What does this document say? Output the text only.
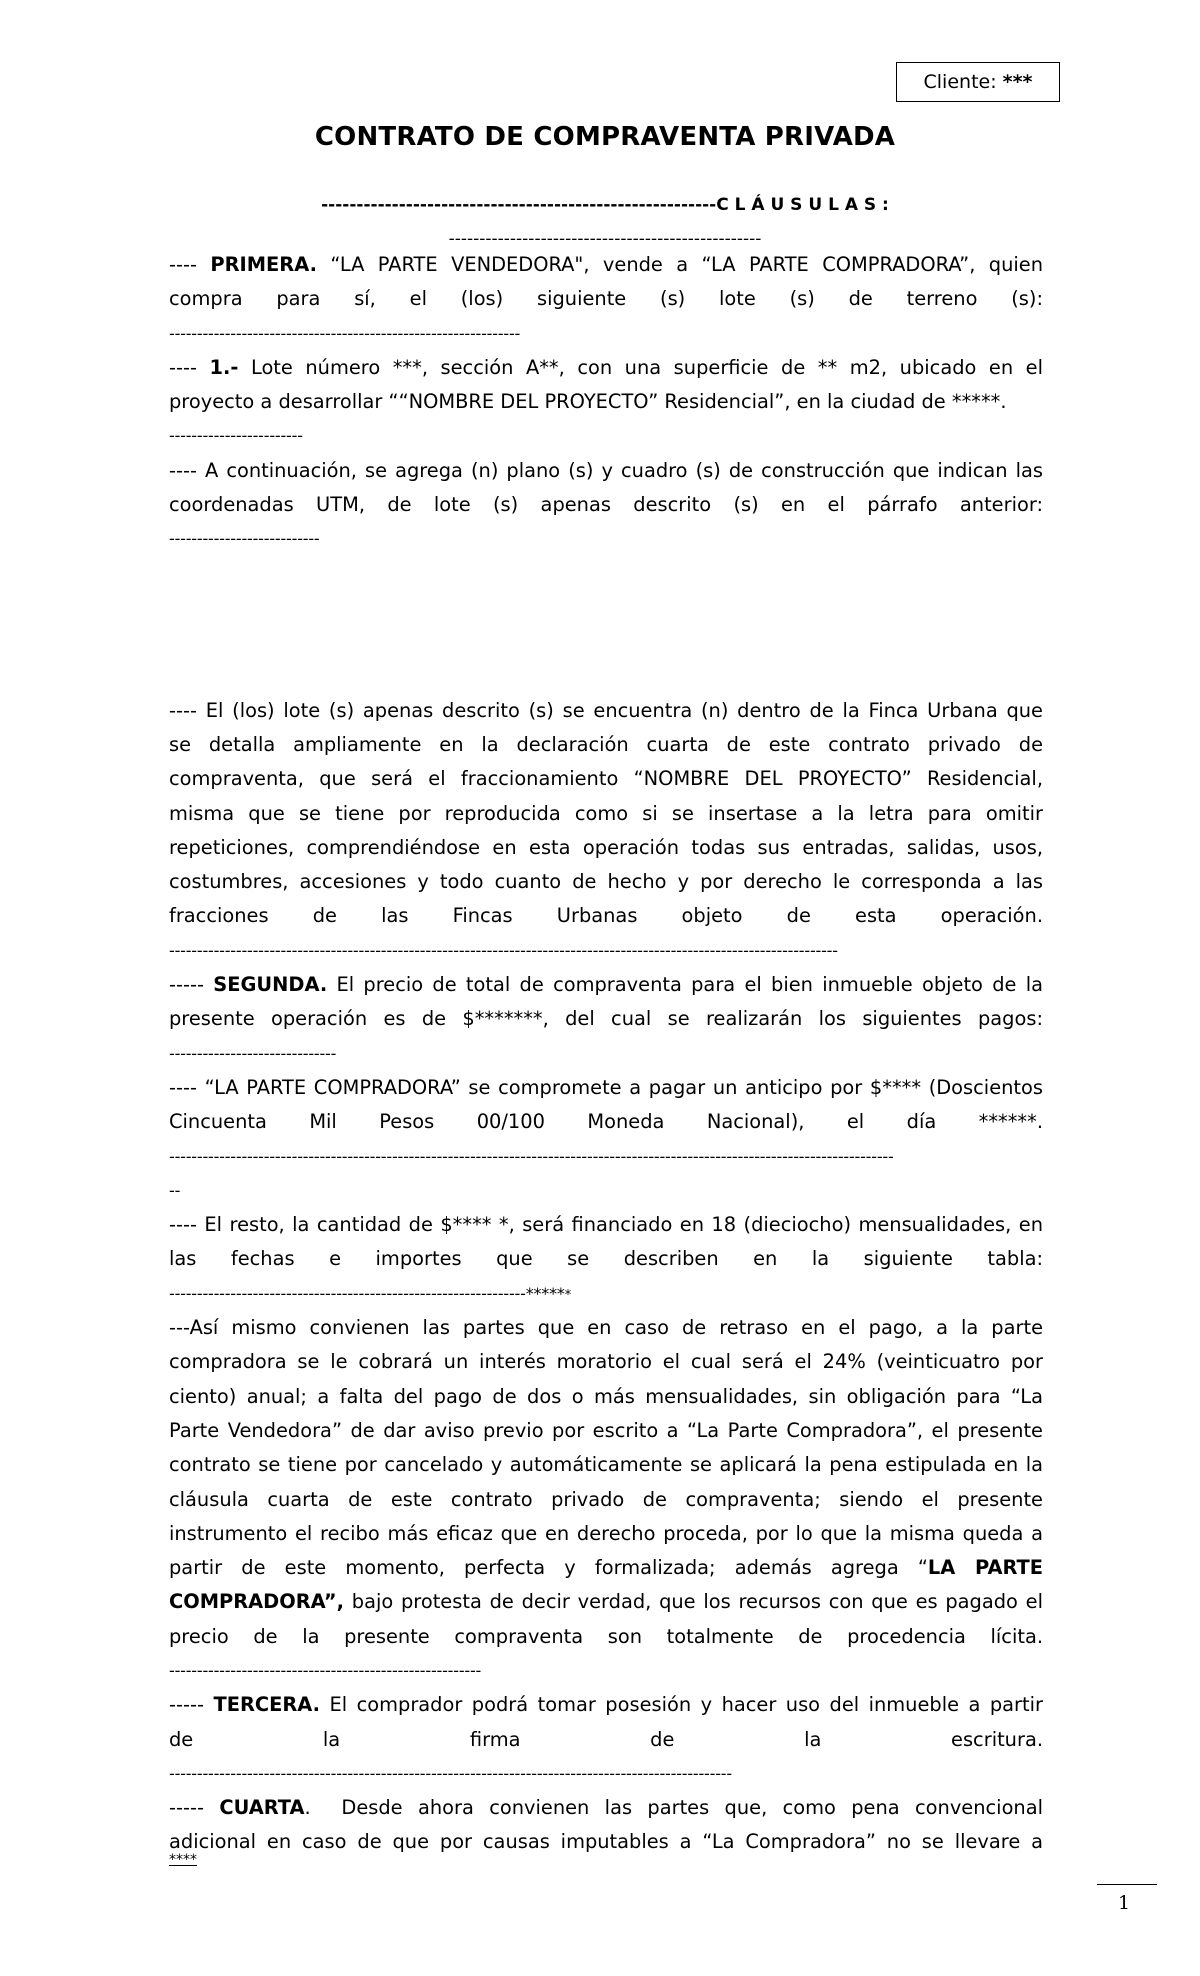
Cliente:
***
CONTRATO DE COMPRAVENTA PRIVADA
--------------------------------------------------------C L Á U S U L A S :
---------------------------------------------------
---- PRIMERA. “LA PARTE VENDEDORA", vende a “LA PARTE COMPRADORA”, quien
compra para sí, el (los) siguiente (s) lote (s) de terreno (s):
---------------------------------------------------------------
---- 1.- Lote número ***, sección A**, con una superficie de ** m2, ubicado en el
proyecto a desarrollar ““NOMBRE DEL PROYECTO” Residencial”, en la ciudad de *****.
------------------------
---- A continuación, se agrega (n) plano (s) y cuadro (s) de construcción que indican las
coordenadas UTM, de lote (s) apenas descrito (s) en el párrafo anterior:
---------------------------
---- El (los) lote (s) apenas descrito (s) se encuentra (n) dentro de la Finca Urbana que
se detalla ampliamente en la declaración cuarta de este contrato privado de
compraventa, que será el fraccionamiento “NOMBRE DEL PROYECTO” Residencial,
misma que se tiene por reproducida como si se insertase a la letra para omitir
repeticiones, comprendiéndose en esta operación todas sus entradas, salidas, usos,
costumbres, accesiones y todo cuanto de hecho y por derecho le corresponda a las
fracciones de las Fincas Urbanas objeto de esta operación.
------------------------------------------------------------------------------------------------------------------------
----- SEGUNDA. El precio de total de compraventa para el bien inmueble objeto de la
presente operación es de $*******, del cual se realizarán los siguientes pagos:
------------------------------
---- “LA PARTE COMPRADORA” se compromete a pagar un anticipo por $**** (Doscientos
Cincuenta Mil Pesos 00/100 Moneda Nacional), el día ******.
----------------------------------------------------------------------------------------------------------------------------------
--
---- El resto, la cantidad de $**** *, será financiado en 18 (dieciocho) mensualidades, en
las fechas e importes que se describen en la siguiente tabla:
----------------------------------------------------------------******
---Así mismo convienen las partes que en caso de retraso en el pago, a la parte
compradora se le cobrará un interés moratorio el cual será el 24% (veinticuatro por
ciento) anual; a falta del pago de dos o más mensualidades, sin obligación para “La
Parte Vendedora” de dar aviso previo por escrito a “La Parte Compradora”, el presente
contrato se tiene por cancelado y automáticamente se aplicará la pena estipulada en la
cláusula cuarta de este contrato privado de compraventa; siendo el presente
instrumento el recibo más eficaz que en derecho proceda, por lo que la misma queda a
partir de este momento, perfecta y formalizada; además agrega “LA PARTE
COMPRADORA”, bajo protesta de decir verdad, que los recursos con que es pagado el
precio de la presente compraventa son totalmente de procedencia lícita.
--------------------------------------------------------
----- TERCERA. El comprador podrá tomar posesión y hacer uso del inmueble a partir
de la firma de la escritura.
-----------------------------------------------------------------------------------------------------
----- CUARTA.  Desde ahora convienen las partes que, como pena convencional
adicional en caso de que por causas imputables a “La Compradora” no se llevare a
****
1
